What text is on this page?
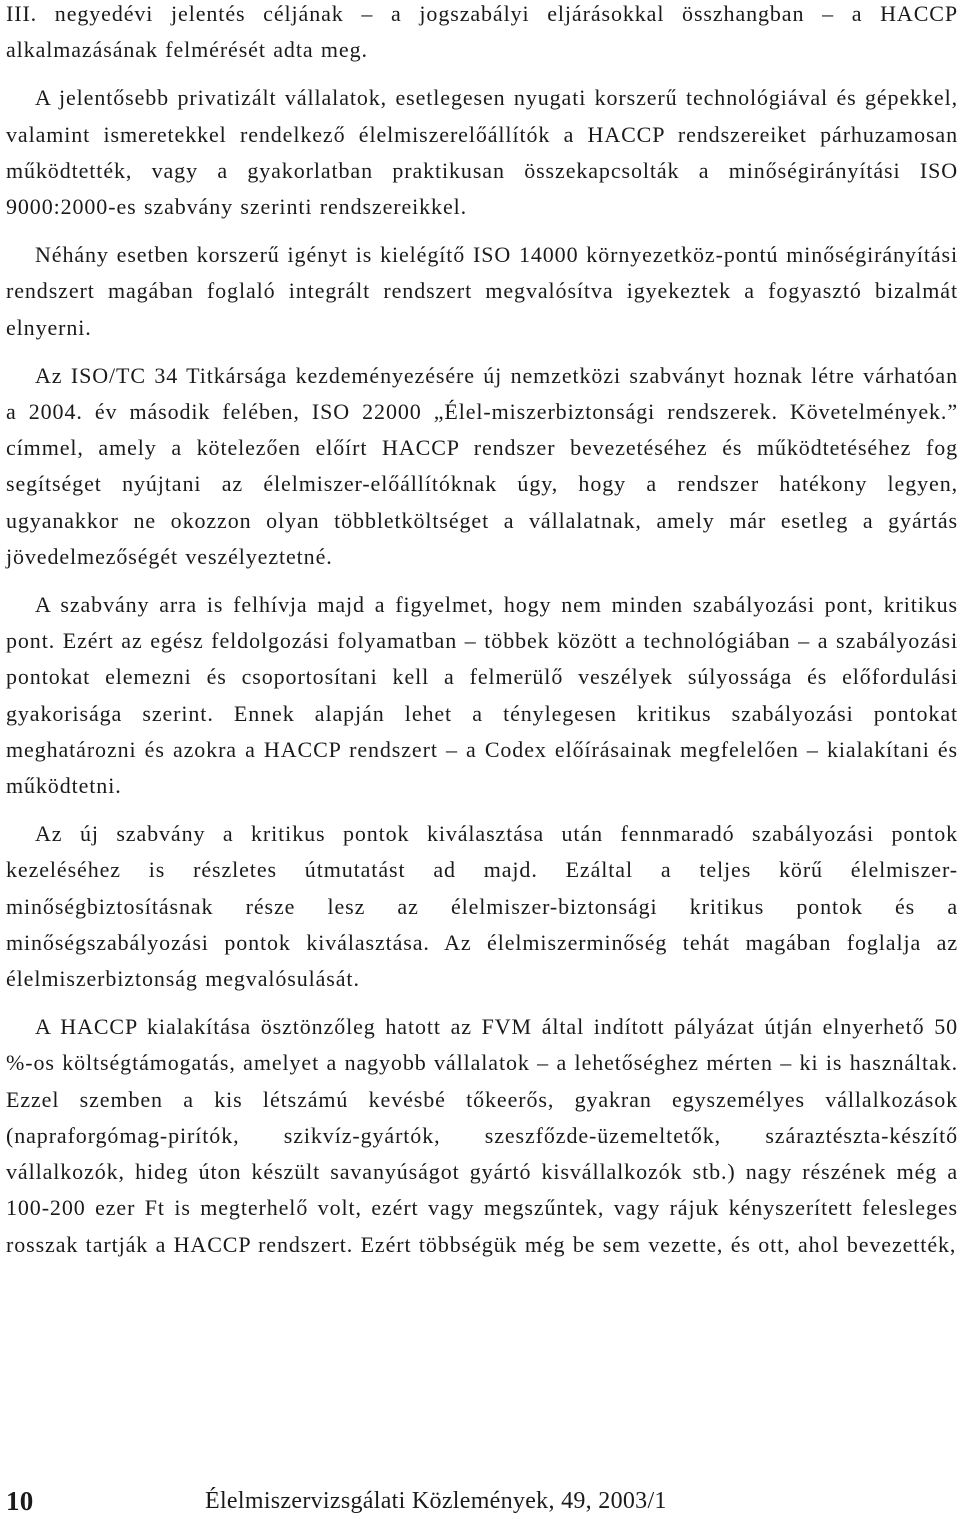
III. negyedévi jelentés céljának – a jogszabályi eljárásokkal összhangban – a HACCP alkalmazásának felmérését adta meg.

A jelentősebb privatizált vállalatok, esetlegesen nyugati korszerű technológiával és gépekkel, valamint ismeretekkel rendelkező élelmiszerelőállítók a HACCP rendszereiket párhuzamosan működtették, vagy a gyakorlatban praktikusan összekapcsolták a minőségirányítási ISO 9000:2000-es szabvány szerinti rendszereikkel.

Néhány esetben korszerű igényt is kielégítő ISO 14000 környezetköz-pontú minőségirányítási rendszert magában foglaló integrált rendszert megvalósítva igyekeztek a fogyasztó bizalmát elnyerni.

Az ISO/TC 34 Titkársága kezdeményezésére új nemzetközi szabványt hoznak létre várhatóan a 2004. év második felében, ISO 22000 „Élel-miszerbiztonsági rendszerek. Követelmények.” címmel, amely a kötelezően előírt HACCP rendszer bevezetéséhez és működtetéséhez fog segítséget nyújtani az élelmiszer-előállítóknak úgy, hogy a rendszer hatékony legyen, ugyanakkor ne okozzon olyan többletköltséget a vállalatnak, amely már esetleg a gyártás jövedelmezőségét veszélyeztetné.

A szabvány arra is felhívja majd a figyelmet, hogy nem minden szabályozási pont, kritikus pont. Ezért az egész feldolgozási folyamatban – többek között a technológiában – a szabályozási pontokat elemezni és csoportosítani kell a felmerülő veszélyek súlyossága és előfordulási gyakorisága szerint. Ennek alapján lehet a ténylegesen kritikus szabályozási pontokat meghatározni és azokra a HACCP rendszert – a Codex előírásainak megfelelően – kialakítani és működtetni.

Az új szabvány a kritikus pontok kiválasztása után fennmaradó szabályozási pontok kezeléséhez is részletes útmutatást ad majd. Ezáltal a teljes körű élelmiszer-minőségbiztosításnak része lesz az élelmiszer-biztonsági kritikus pontok és a minőségszabályozási pontok kiválasztása. Az élelmiszerminőség tehát magában foglalja az élelmiszerbiztonság megvalósulását.

A HACCP kialakítása ösztönzőleg hatott az FVM által indított pályázat útján elnyerhető 50 %-os költségtámogatás, amelyet a nagyobb vállalatok – a lehetőséghez mérten – ki is használtak. Ezzel szemben a kis létszámú kevésbé tőkeerős, gyakran egyszemélyes vállalkozások (napraforgómag-pirítók, szikvíz-gyártók, szeszfőzde-üzemeltetők, száraztészta-készítő vállalkozók, hideg úton készült savanyúságot gyártó kisvállalkozók stb.) nagy részének még a 100-200 ezer Ft is megterhelő volt, ezért vagy megszűntek, vagy rájuk kényszerített felesleges rosszak tartják a HACCP rendszert. Ezért többségük még be sem vezette, és ott, ahol bevezették,

10	Élelmiszervizsgálati Közlemények, 49, 2003/1
